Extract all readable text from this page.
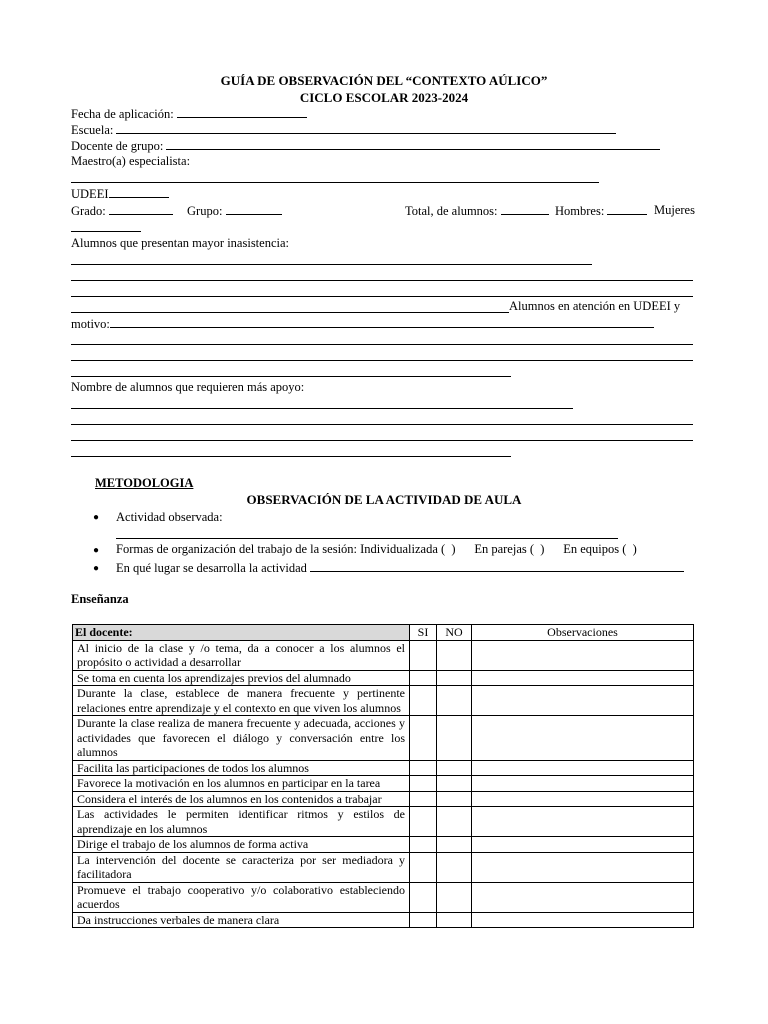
GUÍA DE OBSERVACIÓN DEL “CONTEXTO AÚLICO”
CICLO ESCOLAR 2023-2024
Fecha de aplicación:
Escuela:
Docente de grupo:
Maestro(a) especialista:
UDEEI
Grado:	Grupo:	Total, de alumnos:	Hombres:	Mujeres
Alumnos que presentan mayor inasistencia:
Alumnos en atención en UDEEI y
motivo:
Nombre de alumnos que requieren más apoyo:
METODOLOGIA
OBSERVACIÓN DE LA ACTIVIDAD DE AULA
● Actividad observada:
● Formas de organización del trabajo de la sesión: Individualizada (  )      En parejas (  )      En equipos (  )
● En qué lugar se desarrolla la actividad
Enseñanza
El docente:	SI	NO	Observaciones
Al inicio de la clase y /o tema, da a conocer a los alumnos el propósito o actividad a desarrollar			
Se toma en cuenta los aprendizajes previos del alumnado			
Durante la clase, establece de manera frecuente y pertinente relaciones entre aprendizaje y el contexto en que viven los alumnos			
Durante la clase realiza de manera frecuente y adecuada, acciones y actividades que favorecen el diálogo y conversación entre los alumnos			
Facilita las participaciones de todos los alumnos			
Favorece la motivación en los alumnos en participar en la tarea			
Considera el interés de los alumnos en los contenidos a trabajar			
Las actividades le permiten identificar ritmos y estilos de aprendizaje en los alumnos			
Dirige el trabajo de los alumnos de forma activa			
La intervención del docente se caracteriza por ser mediadora y facilitadora			
Promueve el trabajo cooperativo y/o colaborativo estableciendo acuerdos			
Da instrucciones verbales de manera clara			
